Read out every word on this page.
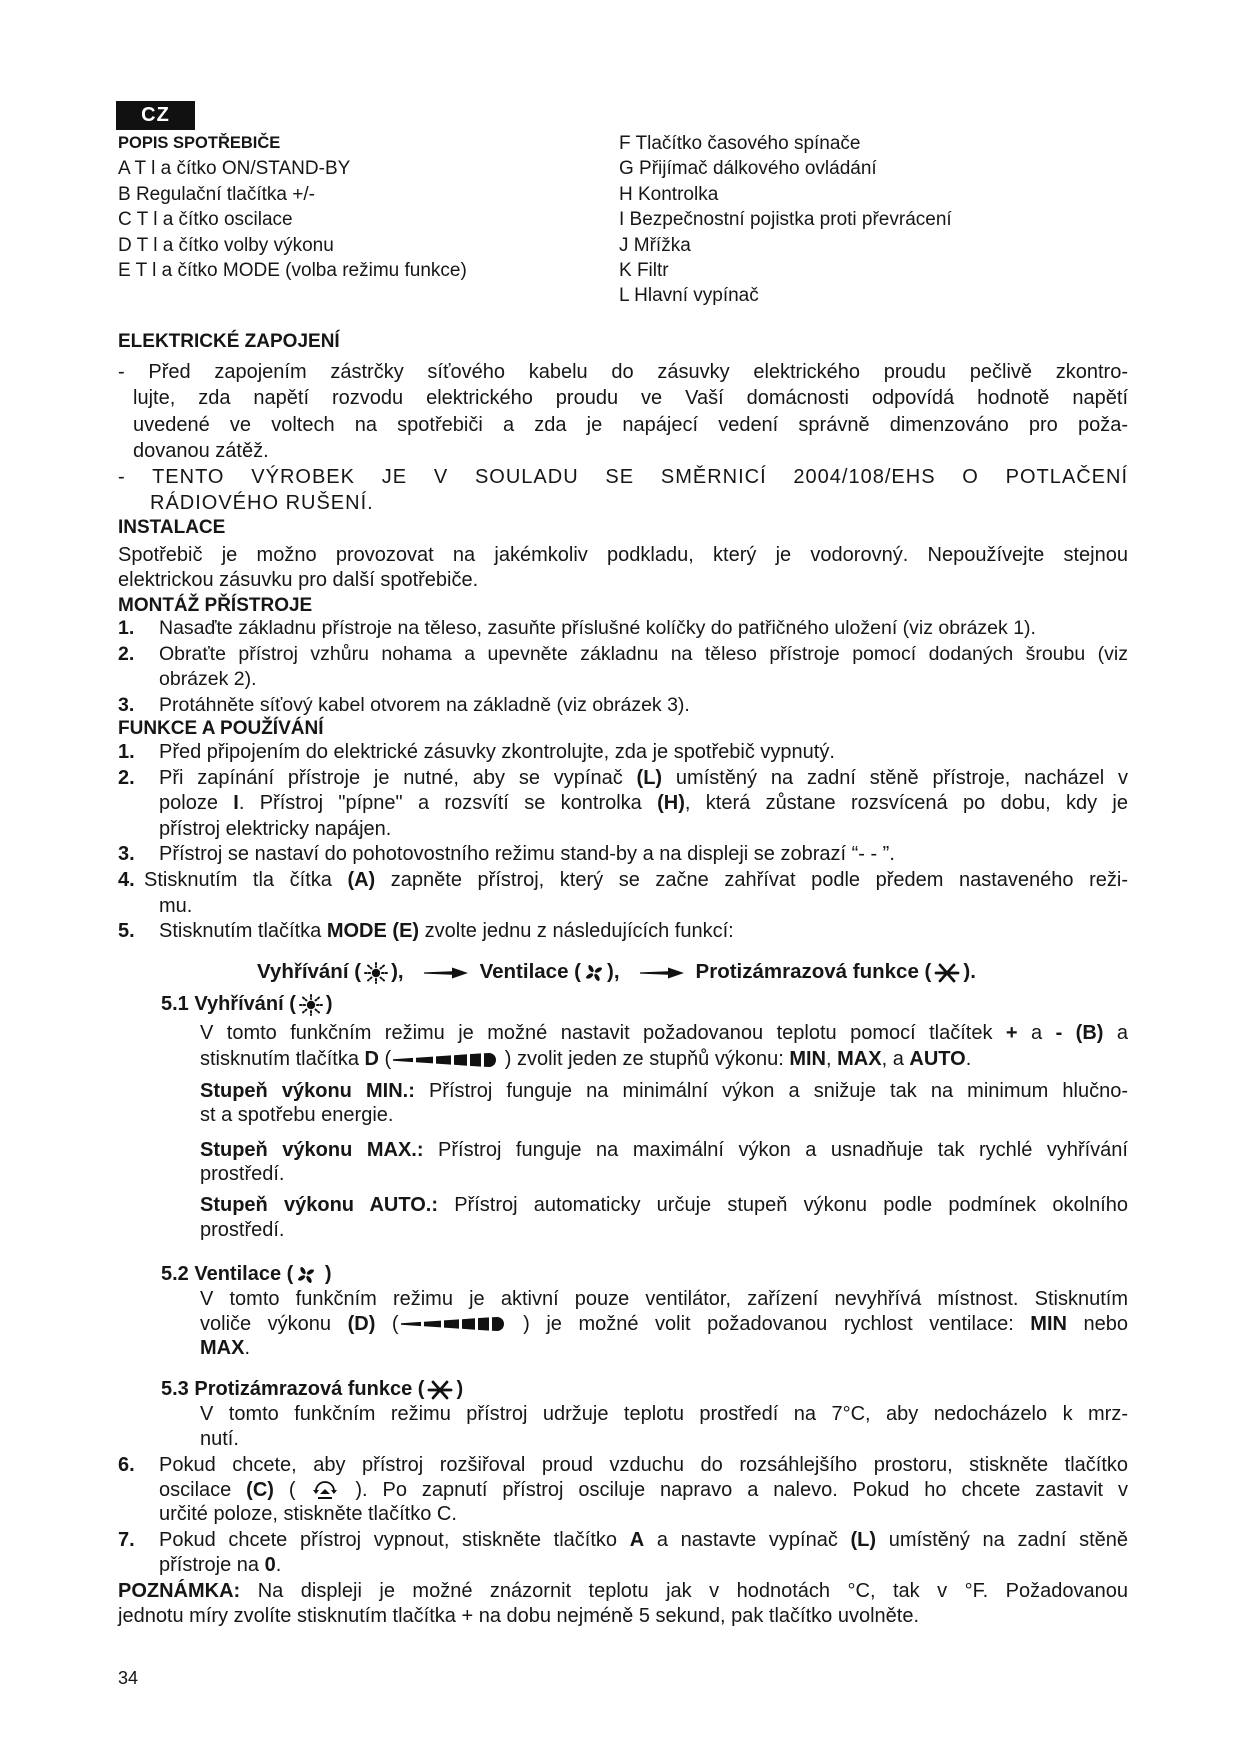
CZ
POPIS SPOTŘEBIČE
A T l a čítko ON/STAND-BY
B Regulační tlačítka +/-
C T l a čítko oscilace
D T l a čítko volby výkonu
E T l a čítko MODE (volba režimu funkce)
F Tlačítko časového spínače
G Přijímač dálkového ovládání
H Kontrolka
I Bezpečnostní pojistka proti převrácení
J Mřížka
K Filtr
L Hlavní vypínač
ELEKTRICKÉ ZAPOJENÍ
- Před zapojením zástrčky síťového kabelu do zásuvky elektrického proudu pečlivě zkontro-
lujte, zda napětí rozvodu elektrického proudu ve Vaší domácnosti odpovídá hodnotě napětí
uvedené ve voltech na spotřebiči a zda je napájecí vedení správně dimenzováno pro poža-
dovanou zátěž.
- TENTO VÝROBEK JE V SOULADU SE SMĚRNICÍ 2004/108/EHS O POTLAČENÍ
RÁDIOVÉHO RUŠENÍ.
INSTALACE
Spotřebič je možno provozovat na jakémkoliv podkladu, který je vodorovný. Nepoužívejte stejnou
elektrickou zásuvku pro další spotřebiče.
MONTÁŽ PŘÍSTROJE
1.	Nasaďte základnu přístroje na těleso, zasuňte příslušné kolíčky do patřičného uložení (viz obrázek 1).
2.	Obraťte přístroj vzhůru nohama a upevněte základnu na těleso přístroje pomocí dodaných šroubu (viz
obrázek 2).
3.	Protáhněte síťový kabel otvorem na základně (viz obrázek 3).
FUNKCE A POUŽÍVÁNÍ
1.	Před připojením do elektrické zásuvky zkontrolujte, zda je spotřebič vypnutý.
2.	Při zapínání přístroje je nutné, aby se vypínač (L) umístěný na zadní stěně přístroje, nacházel v
poloze I. Přístroj "pípne" a rozsvítí se kontrolka (H), která zůstane rozsvícená po dobu, kdy je
přístroj elektricky napájen.
3.	Přístroj se nastaví do pohotovostního režimu stand-by a na displeji se zobrazí “- - ”.
4. Stisknutím tla čítka (A) zapněte přístroj, který se začne zahřívat podle předem nastaveného reži-
mu.
5.	Stisknutím tlačítka MODE (E) zvolte jednu z následujících funkcí:
Vyhřívání ( ),	Ventilace ( ),	Protizámrazová funkce ( ).
5.1 Vyhřívání ( )
V tomto funkčním režimu je možné nastavit požadovanou teplotu pomocí tlačítek + a - (B) a
stisknutím tlačítka D (	) zvolit jeden ze stupňů výkonu: MIN, MAX, a AUTO.
Stupeň výkonu MIN.: Přístroj funguje na minimální výkon a snižuje tak na minimum hlučno-
st a spotřebu energie.
Stupeň výkonu MAX.: Přístroj funguje na maximální výkon a usnadňuje tak rychlé vyhřívání
prostředí.
Stupeň výkonu AUTO.: Přístroj automaticky určuje stupeň výkonu podle podmínek okolního
prostředí.
5.2 Ventilace (
)
V tomto funkčním režimu je aktivní pouze ventilátor, zařízení nevyhřívá místnost. Stisknutím
voliče výkonu (D) (	) je možné volit požadovanou rychlost ventilace: MIN nebo
MAX.
5.3 Protizámrazová funkce ( )
V tomto funkčním režimu přístroj udržuje teplotu prostředí na 7°C, aby nedocházelo k mrz-
nutí.
6.	Pokud chcete, aby přístroj rozšiřoval proud vzduchu do rozsáhlejšího prostoru, stiskněte tlačítko
oscilace (C) (
). Po zapnutí přístroj osciluje napravo a nalevo. Pokud ho chcete zastavit v
určité poloze, stiskněte tlačítko C.
7.	Pokud chcete přístroj vypnout, stiskněte tlačítko A a nastavte vypínač (L) umístěný na zadní stěně
přístroje na 0.
POZNÁMKA: Na displeji je možné znázornit teplotu jak v hodnotách °C, tak v °F. Požadovanou
jednotu míry zvolíte stisknutím tlačítka + na dobu nejméně 5 sekund, pak tlačítko uvolněte.
34
